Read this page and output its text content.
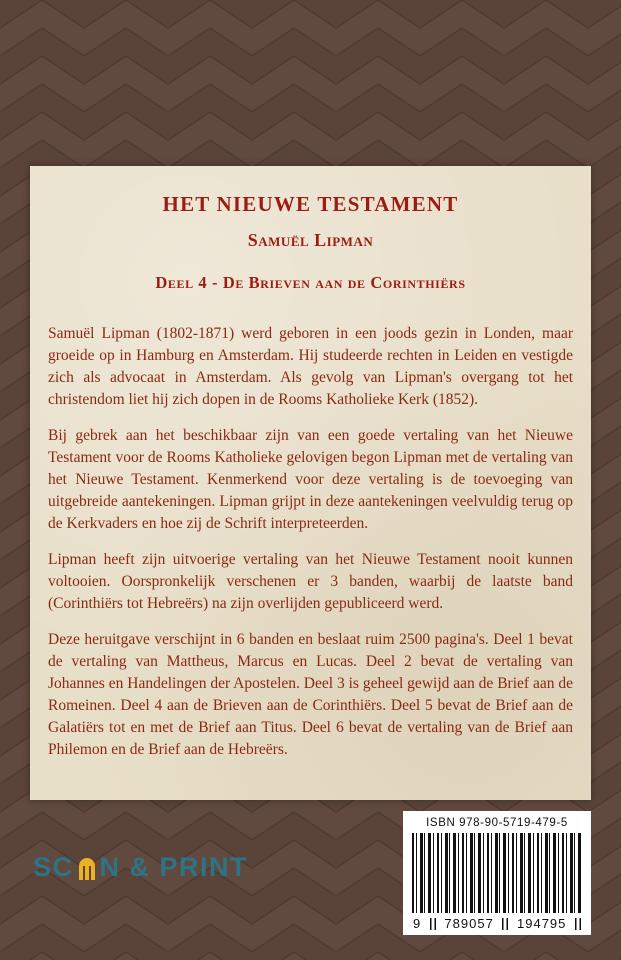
HET NIEUWE TESTAMENT
Samuël Lipman
Deel 4 - De Brieven aan de Corinthiërs

Samuël Lipman (1802-1871) werd geboren in een joods gezin in Londen, maar groeide op in Hamburg en Amsterdam. Hij studeerde rechten in Leiden en vestigde zich als advocaat in Amsterdam. Als gevolg van Lipman's overgang tot het christendom liet hij zich dopen in de Rooms Katholieke Kerk (1852).

Bij gebrek aan het beschikbaar zijn van een goede vertaling van het Nieuwe Testament voor de Rooms Katholieke gelovigen begon Lipman met de vertaling van het Nieuwe Testament. Kenmerkend voor deze vertaling is de toevoeging van uitgebreide aantekeningen. Lipman grijpt in deze aantekeningen veelvuldig terug op de Kerkvaders en hoe zij de Schrift interpreteerden.

Lipman heeft zijn uitvoerige vertaling van het Nieuwe Testament nooit kunnen voltooien. Oorspronkelijk verschenen er 3 banden, waarbij de laatste band (Corinthiërs tot Hebreërs) na zijn overlijden gepubliceerd werd.

Deze heruitgave verschijnt in 6 banden en beslaat ruim 2500 pagina's. Deel 1 bevat de vertaling van Mattheus, Marcus en Lucas. Deel 2 bevat de vertaling van Johannes en Handelingen der Apostelen. Deel 3 is geheel gewijd aan de Brief aan de Romeinen. Deel 4 aan de Brieven aan de Corinthiërs. Deel 5 bevat de Brief aan de Galatiërs tot en met de Brief aan Titus. Deel 6 bevat de vertaling van de Brief aan Philemon en de Brief aan de Hebreërs.

SC N & PRINT
ISBN 978-90-5719-479-5
9 789057 194795
